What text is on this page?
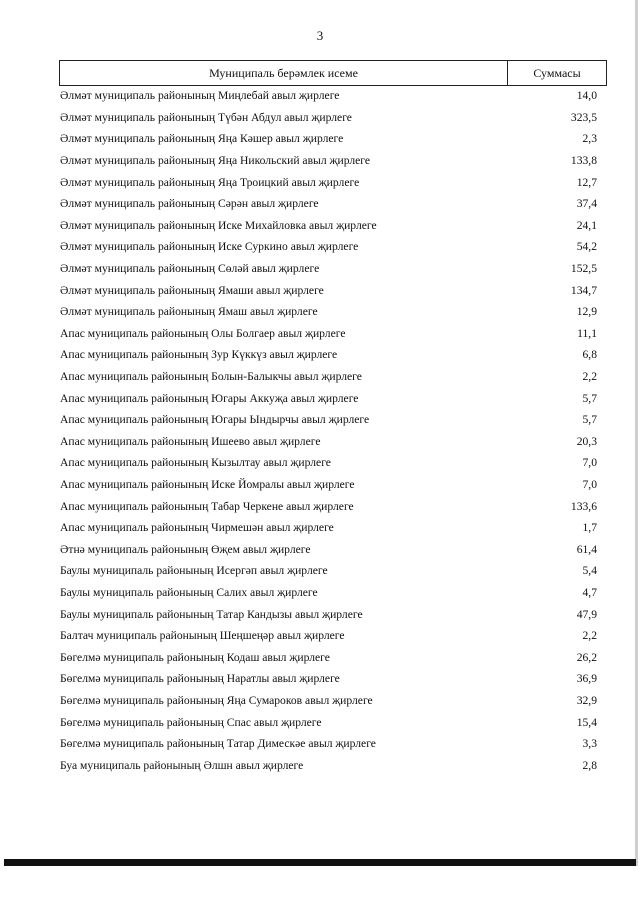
3
Муниципаль берәмлек исеме	Суммасы
Әлмәт муниципаль районының Миңлебай авыл җирлеге	14,0
Әлмәт муниципаль районының Түбән Абдул авыл җирлеге	323,5
Әлмәт муниципаль районының Яңа Кәшер авыл җирлеге	2,3
Әлмәт муниципаль районының Яңа Никольский авыл җирлеге	133,8
Әлмәт муниципаль районының Яңа Троицкий авыл җирлеге	12,7
Әлмәт муниципаль районының Сәрән авыл җирлеге	37,4
Әлмәт муниципаль районының Иске Михайловка авыл җирлеге	24,1
Әлмәт муниципаль районының Иске Суркино авыл җирлеге	54,2
Әлмәт муниципаль районының Сөләй авыл җирлеге	152,5
Әлмәт муниципаль районының Ямаши авыл җирлеге	134,7
Әлмәт муниципаль районының Ямаш авыл җирлеге	12,9
Апас муниципаль районының Олы Болгаер авыл җирлеге	11,1
Апас муниципаль районының Зур Күккүз авыл җирлеге	6,8
Апас муниципаль районының Болын-Балыкчы авыл җирлеге	2,2
Апас муниципаль районының Югары Аккуҗа авыл җирлеге	5,7
Апас муниципаль районының Югары Ындырчы авыл җирлеге	5,7
Апас муниципаль районының Ишеево авыл җирлеге	20,3
Апас муниципаль районының Кызылтау авыл җирлеге	7,0
Апас муниципаль районының Иске Йомралы авыл җирлеге	7,0
Апас муниципаль районының Табар Черкене авыл җирлеге	133,6
Апас муниципаль районының Чирмешән авыл җирлеге	1,7
Әтнә муниципаль районының Өҗем авыл җирлеге	61,4
Баулы муниципаль районының Исергәп авыл җирлеге	5,4
Баулы муниципаль районының Салих авыл җирлеге	4,7
Баулы муниципаль районының Татар Кандызы авыл җирлеге	47,9
Балтач муниципаль районының Шеңшеңәр авыл җирлеге	2,2
Бөгелмә муниципаль районының Кодаш авыл җирлеге	26,2
Бөгелмә муниципаль районының Наратлы авыл җирлеге	36,9
Бөгелмә муниципаль районының Яңа Сумароков авыл җирлеге	32,9
Бөгелмә муниципаль районының Спас авыл җирлеге	15,4
Бөгелмә муниципаль районының Татар Димескәе авыл җирлеге	3,3
Буа муниципаль районының Әлшн авыл җирлеге	2,8
